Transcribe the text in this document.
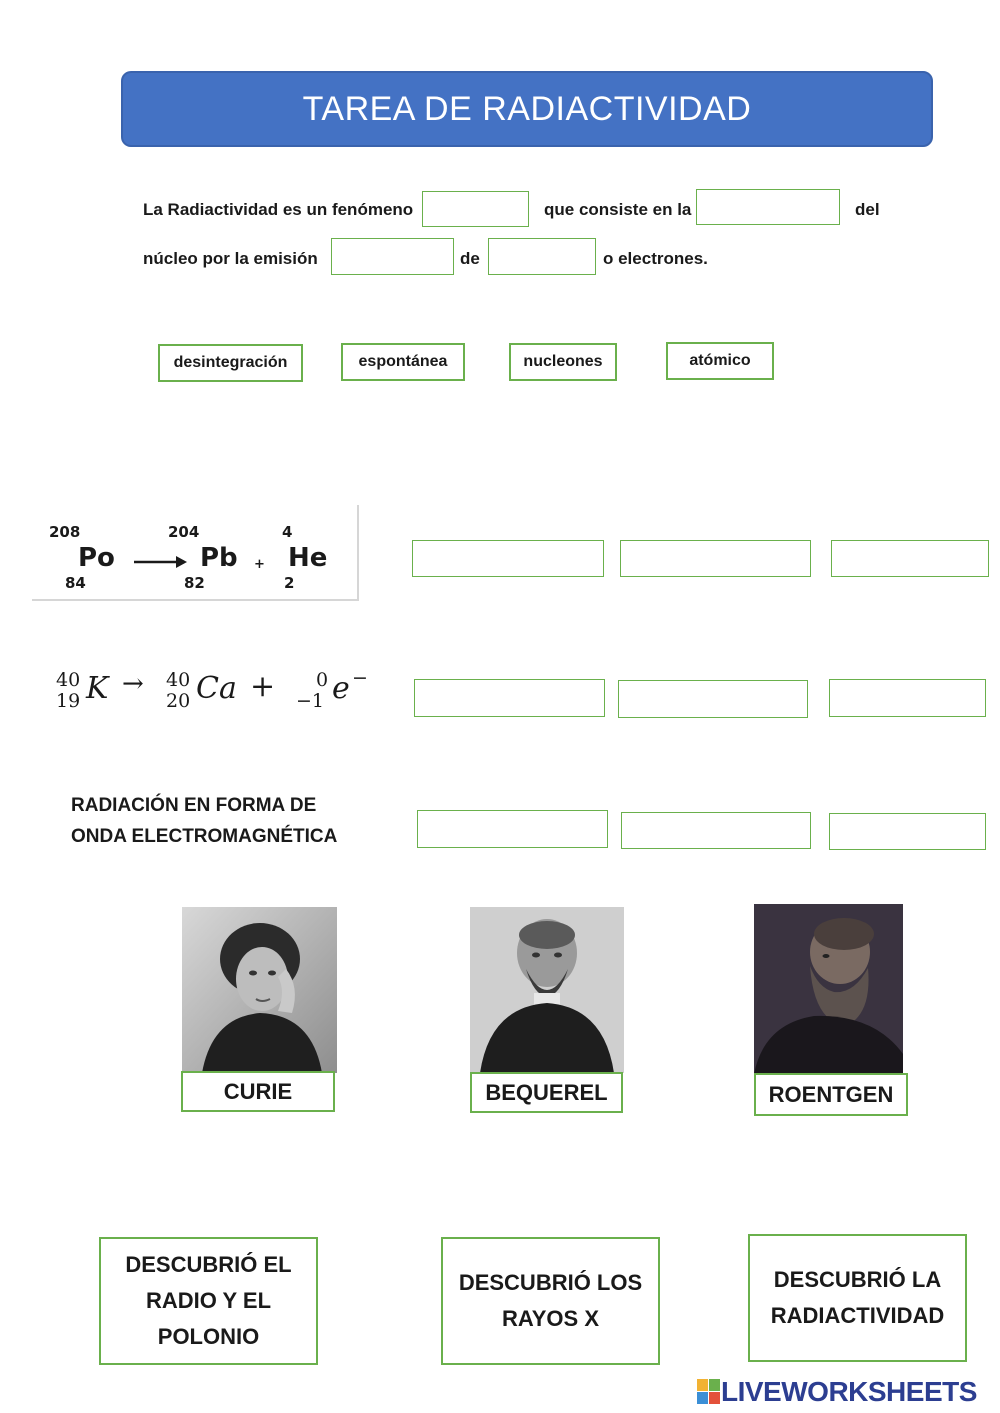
TAREA DE RADIACTIVIDAD
La Radiactividad es un fenómeno	que consiste en la	del
núcleo por la emisión	de	o electrones.
desintegración	espontánea	nucleones	atómico
208
Po
84
204
Pb
82
+
4
He
2
40
19 K → 40
20 Ca + 0
−1 e −
RADIACIÓN EN FORMA DE
ONDA ELECTROMAGNÉTICA
CURIE	BEQUEREL	ROENTGEN
DESCUBRIÓ EL
RADIO Y EL
POLONIO
DESCUBRIÓ LOS
RAYOS X
DESCUBRIÓ LA
RADIACTIVIDAD
LIVEWORKSHEETS
